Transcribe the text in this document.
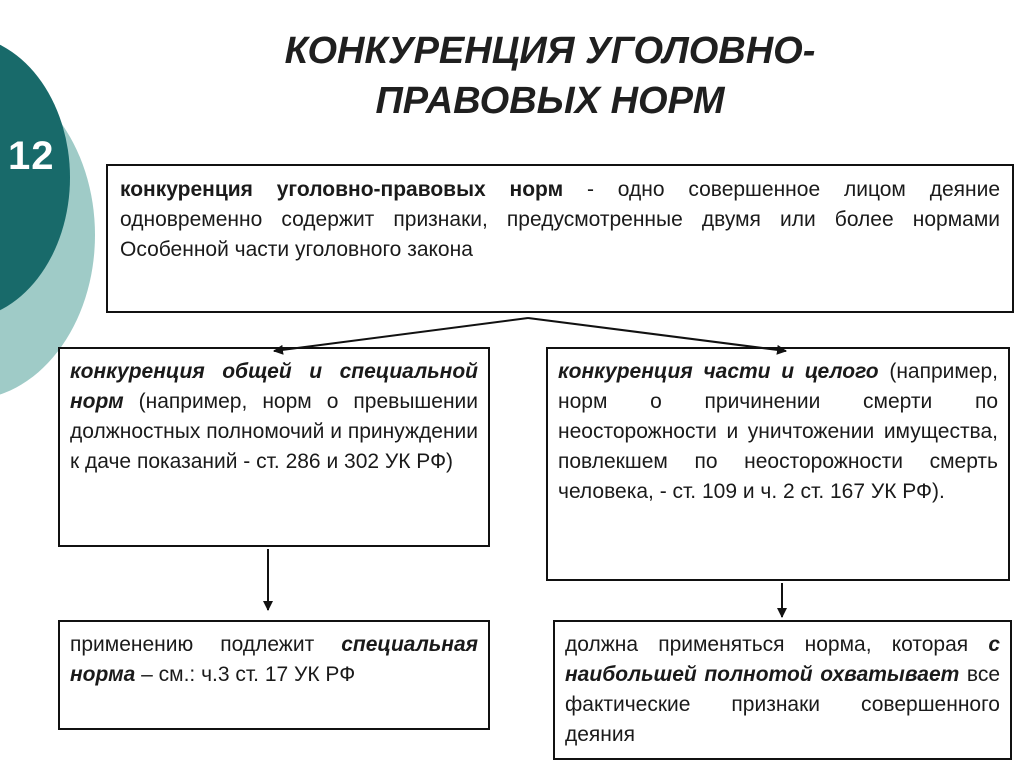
12
КОНКУРЕНЦИЯ УГОЛОВНО-ПРАВОВЫХ НОРМ
конкуренция уголовно-правовых норм - одно совершенное лицом деяние одновременно содержит признаки, предусмотренные двумя или более нормами Особенной части уголовного закона
конкуренция общей и специальной норм (например, норм о превышении должностных полномочий и принуждении к даче показаний - ст. 286 и 302 УК РФ)
конкуренция части и целого (например, норм о причинении смерти по неосторожности и уничтожении имущества, повлекшем по неосторожности смерть человека, - ст. 109 и ч. 2 ст. 167 УК РФ).
применению подлежит специальная норма – см.: ч.3 ст. 17 УК РФ
должна применяться норма, которая с наибольшей полнотой охватывает все фактические признаки совершенного деяния
